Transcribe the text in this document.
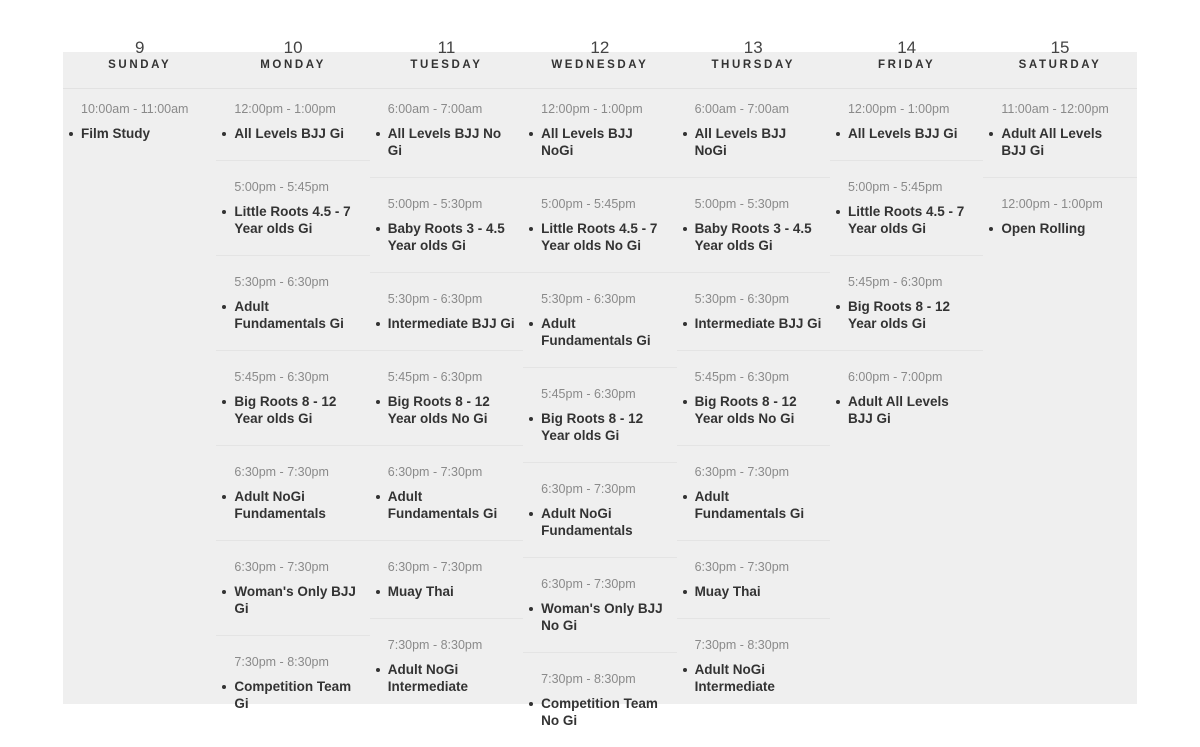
9
SUNDAY
10:00am - 11:00am
Film Study
10
MONDAY
12:00pm - 1:00pm
All Levels BJJ Gi
5:00pm - 5:45pm
Little Roots 4.5 - 7 Year olds Gi
5:30pm - 6:30pm
Adult Fundamentals Gi
5:45pm - 6:30pm
Big Roots 8 - 12 Year olds Gi
6:30pm - 7:30pm
Adult NoGi Fundamentals
6:30pm - 7:30pm
Woman's Only BJJ Gi
7:30pm - 8:30pm
Competition Team Gi
11
TUESDAY
6:00am - 7:00am
All Levels BJJ No Gi
5:00pm - 5:30pm
Baby Roots 3 - 4.5 Year olds Gi
5:30pm - 6:30pm
Intermediate BJJ Gi
5:45pm - 6:30pm
Big Roots 8 - 12 Year olds No Gi
6:30pm - 7:30pm
Adult Fundamentals Gi
6:30pm - 7:30pm
Muay Thai
7:30pm - 8:30pm
Adult NoGi Intermediate
12
WEDNESDAY
12:00pm - 1:00pm
All Levels BJJ NoGi
5:00pm - 5:45pm
Little Roots 4.5 - 7 Year olds No Gi
5:30pm - 6:30pm
Adult Fundamentals Gi
5:45pm - 6:30pm
Big Roots 8 - 12 Year olds Gi
6:30pm - 7:30pm
Adult NoGi Fundamentals
6:30pm - 7:30pm
Woman's Only BJJ No Gi
7:30pm - 8:30pm
Competition Team No Gi
13
THURSDAY
6:00am - 7:00am
All Levels BJJ NoGi
5:00pm - 5:30pm
Baby Roots 3 - 4.5 Year olds Gi
5:30pm - 6:30pm
Intermediate BJJ Gi
5:45pm - 6:30pm
Big Roots 8 - 12 Year olds No Gi
6:30pm - 7:30pm
Adult Fundamentals Gi
6:30pm - 7:30pm
Muay Thai
7:30pm - 8:30pm
Adult NoGi Intermediate
14
FRIDAY
12:00pm - 1:00pm
All Levels BJJ Gi
5:00pm - 5:45pm
Little Roots 4.5 - 7 Year olds Gi
5:45pm - 6:30pm
Big Roots 8 - 12 Year olds Gi
6:00pm - 7:00pm
Adult All Levels BJJ Gi
15
SATURDAY
11:00am - 12:00pm
Adult All Levels BJJ Gi
12:00pm - 1:00pm
Open Rolling
